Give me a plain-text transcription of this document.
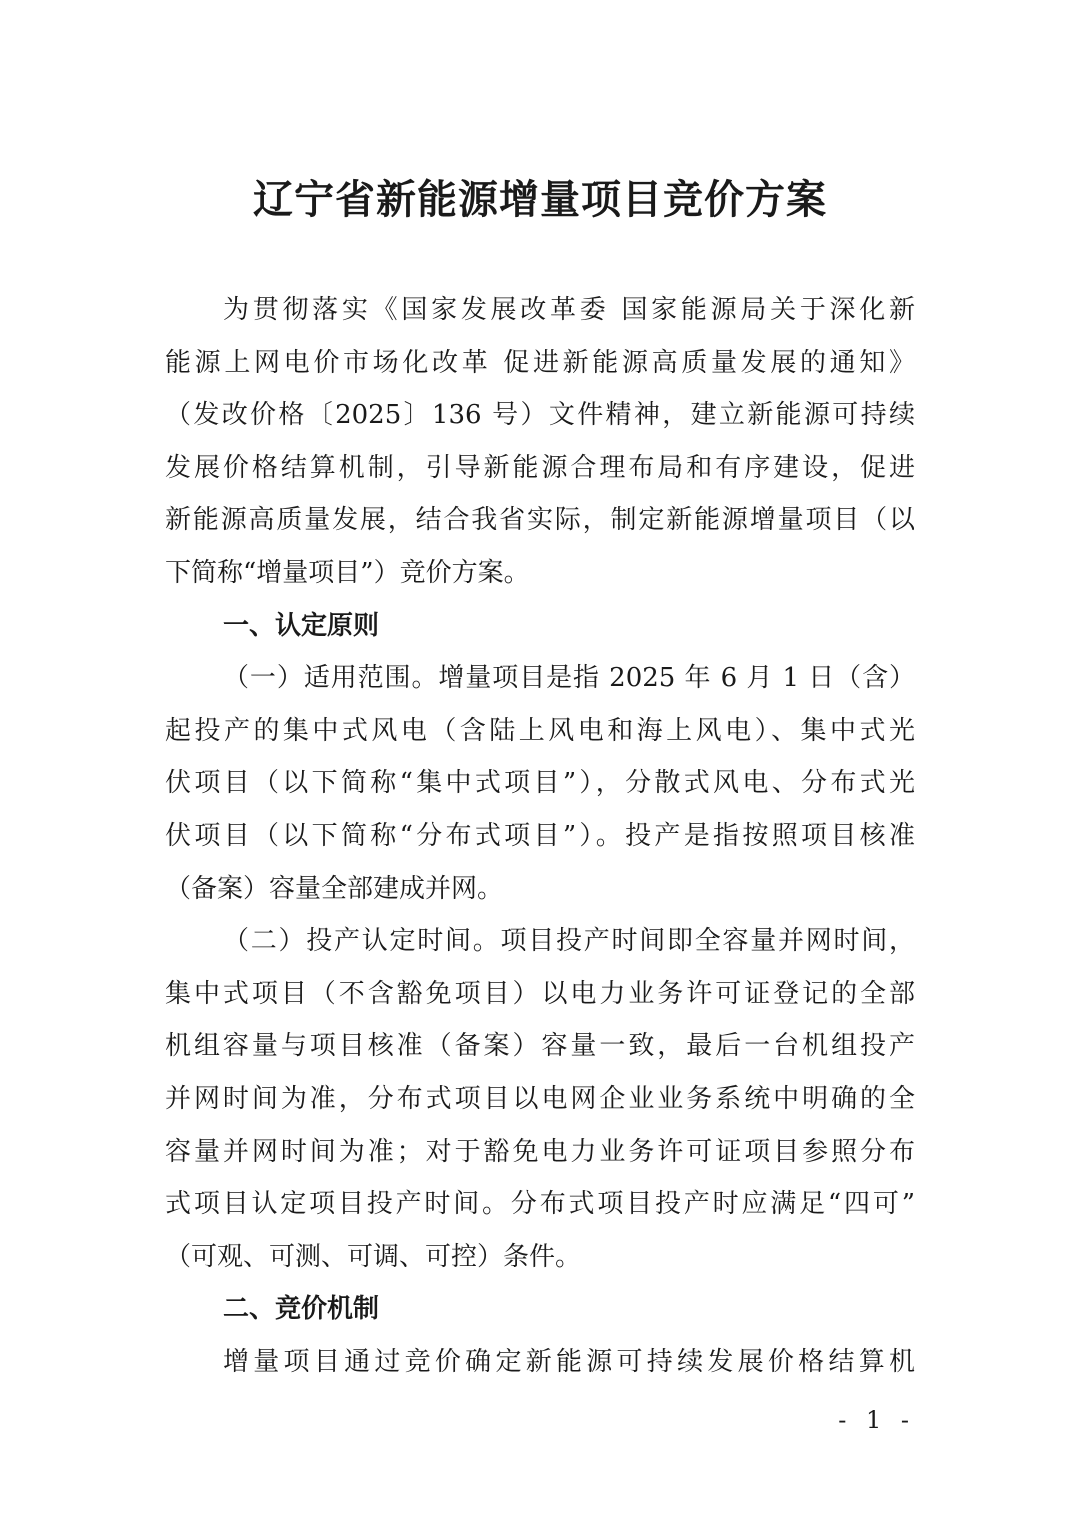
辽宁省新能源增量项目竞价方案
为贯彻落实《国家发展改革委 国家能源局关于深化新
能源上网电价市场化改革 促进新能源高质量发展的通知》
（发改价格〔2025〕136 号）文件精神，建立新能源可持续
发展价格结算机制，引导新能源合理布局和有序建设，促进
新能源高质量发展，结合我省实际，制定新能源增量项目（以
下简称“增量项目”）竞价方案。
一、认定原则
（一）适用范围。增量项目是指 2025 年 6 月 1 日（含）
起投产的集中式风电（含陆上风电和海上风电）、集中式光
伏项目（以下简称“集中式项目”），分散式风电、分布式光
伏项目（以下简称“分布式项目”）。投产是指按照项目核准
（备案）容量全部建成并网。
（二）投产认定时间。项目投产时间即全容量并网时间，
集中式项目（不含豁免项目）以电力业务许可证登记的全部
机组容量与项目核准（备案）容量一致，最后一台机组投产
并网时间为准，分布式项目以电网企业业务系统中明确的全
容量并网时间为准；对于豁免电力业务许可证项目参照分布
式项目认定项目投产时间。分布式项目投产时应满足“四可”
（可观、可测、可调、可控）条件。
二、竞价机制
增量项目通过竞价确定新能源可持续发展价格结算机
- 1 -
